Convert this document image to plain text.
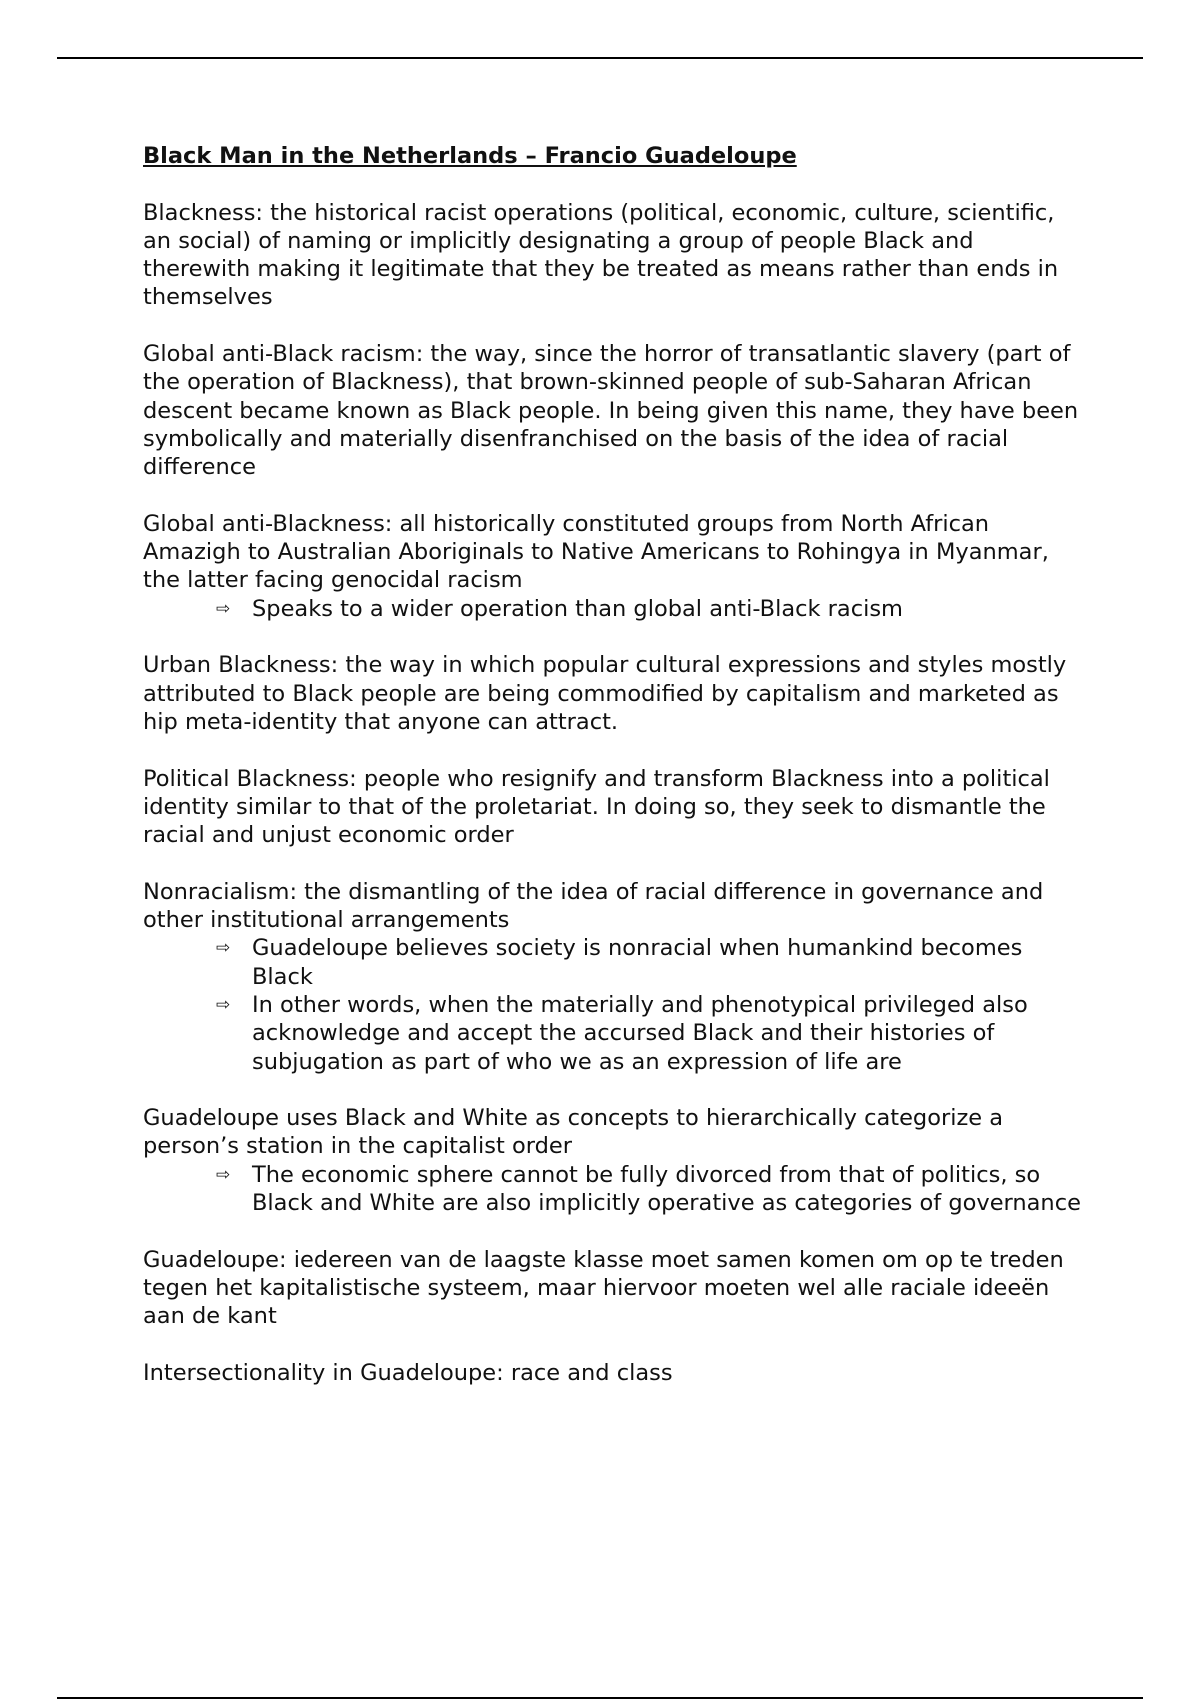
Black Man in the Netherlands – Francio Guadeloupe

Blackness: the historical racist operations (political, economic, culture, scientific, an social) of naming or implicitly designating a group of people Black and therewith making it legitimate that they be treated as means rather than ends in themselves

Global anti-Black racism: the way, since the horror of transatlantic slavery (part of the operation of Blackness), that brown-skinned people of sub-Saharan African descent became known as Black people. In being given this name, they have been symbolically and materially disenfranchised on the basis of the idea of racial difference

Global anti-Blackness: all historically constituted groups from North African Amazigh to Australian Aboriginals to Native Americans to Rohingya in Myanmar, the latter facing genocidal racism

⇨ Speaks to a wider operation than global anti-Black racism

Urban Blackness: the way in which popular cultural expressions and styles mostly attributed to Black people are being commodified by capitalism and marketed as hip meta-identity that anyone can attract.

Political Blackness: people who resignify and transform Blackness into a political identity similar to that of the proletariat. In doing so, they seek to dismantle the racial and unjust economic order

Nonracialism: the dismantling of the idea of racial difference in governance and other institutional arrangements

⇨ Guadeloupe believes society is nonracial when humankind becomes Black
⇨ In other words, when the materially and phenotypical privileged also acknowledge and accept the accursed Black and their histories of subjugation as part of who we as an expression of life are

Guadeloupe uses Black and White as concepts to hierarchically categorize a person’s station in the capitalist order

⇨ The economic sphere cannot be fully divorced from that of politics, so Black and White are also implicitly operative as categories of governance

Guadeloupe: iedereen van de laagste klasse moet samen komen om op te treden tegen het kapitalistische systeem, maar hiervoor moeten wel alle raciale ideeën aan de kant

Intersectionality in Guadeloupe: race and class
